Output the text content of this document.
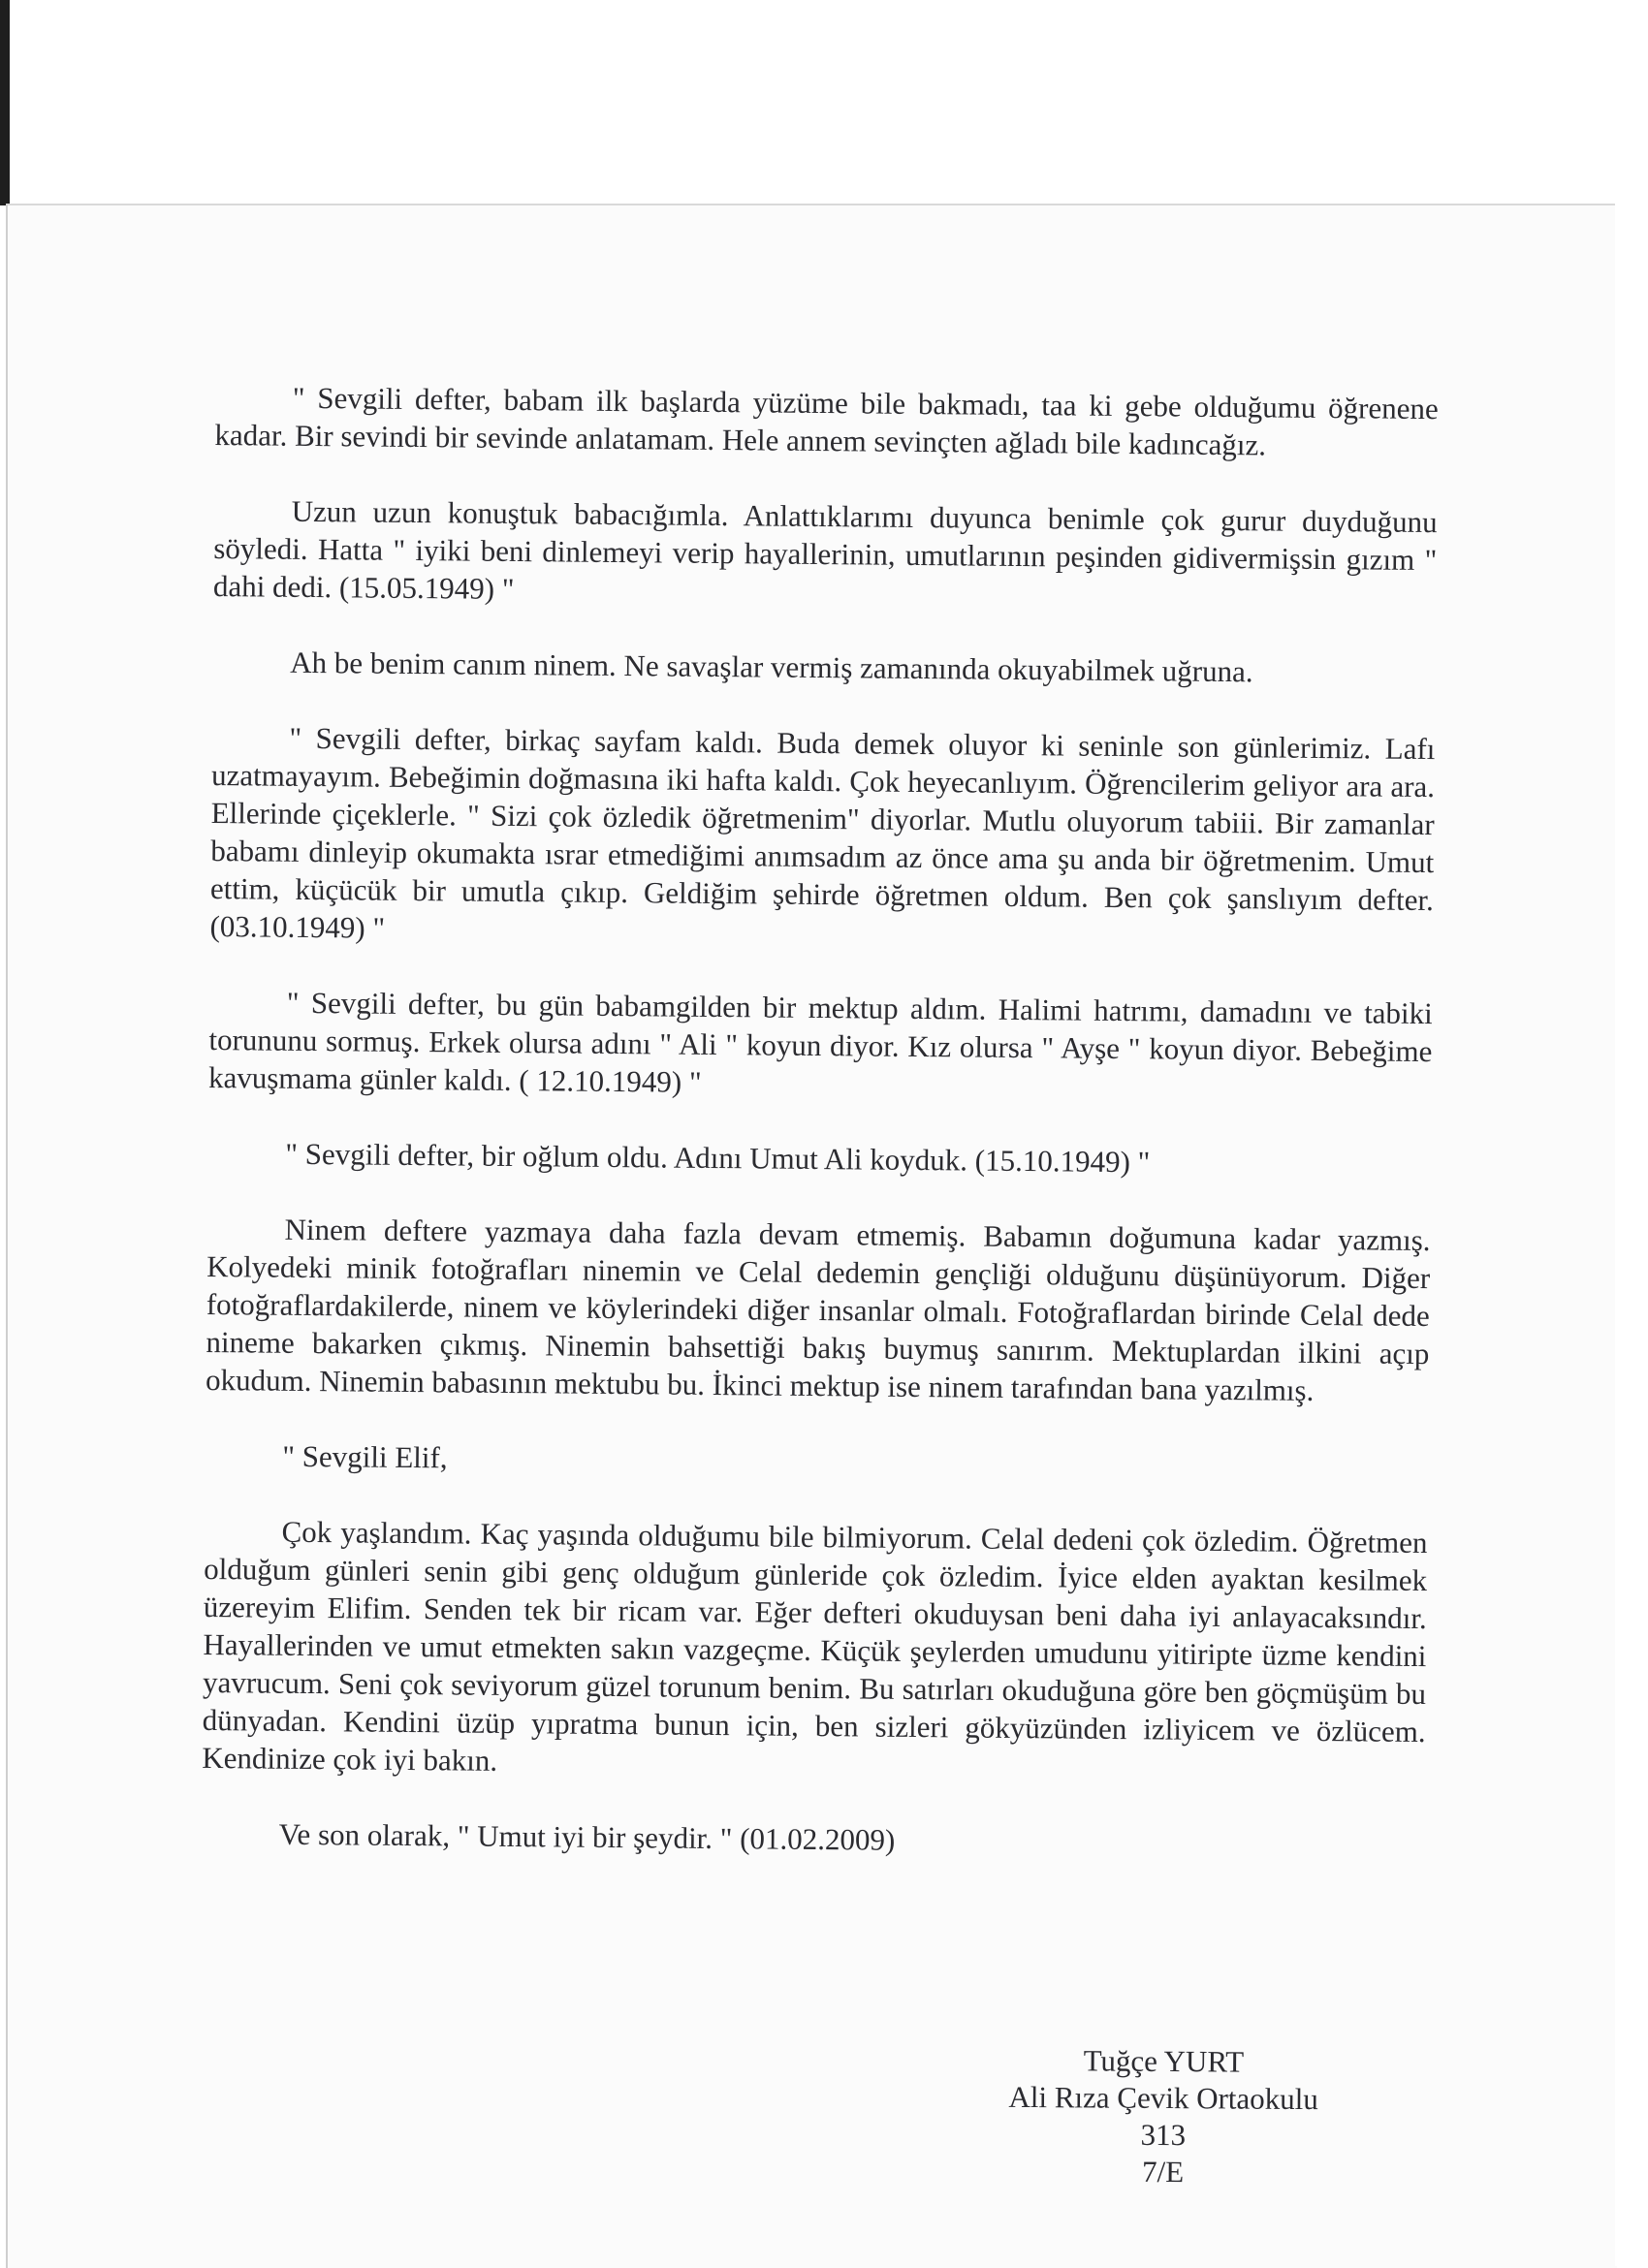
" Sevgili defter, babam ilk başlarda yüzüme bile bakmadı, taa ki gebe olduğumu öğrenene kadar. Bir sevindi bir sevinde anlatamam. Hele annem sevinçten ağladı bile kadıncağız.

Uzun uzun konuştuk babacığımla. Anlattıklarımı duyunca benimle çok gurur duyduğunu söyledi. Hatta " iyiki beni dinlemeyi verip hayallerinin, umutlarının peşinden gidivermişsin gızım " dahi dedi. (15.05.1949) "

Ah be benim canım ninem. Ne savaşlar vermiş zamanında okuyabilmek uğruna.

" Sevgili defter, birkaç sayfam kaldı. Buda demek oluyor ki seninle son günlerimiz. Lafı uzatmayayım. Bebeğimin doğmasına iki hafta kaldı. Çok heyecanlıyım. Öğrencilerim geliyor ara ara. Ellerinde çiçeklerle. " Sizi çok özledik öğretmenim" diyorlar. Mutlu oluyorum tabiii. Bir zamanlar babamı dinleyip okumakta ısrar etmediğimi anımsadım az önce ama şu anda bir öğretmenim. Umut ettim, küçücük bir umutla çıkıp. Geldiğim şehirde öğretmen oldum. Ben çok şanslıyım defter. (03.10.1949) "

" Sevgili defter, bu gün babamgilden bir mektup aldım. Halimi hatrımı, damadını ve tabiki torununu sormuş. Erkek olursa adını " Ali " koyun diyor. Kız olursa " Ayşe " koyun diyor. Bebeğime kavuşmama günler kaldı. ( 12.10.1949) "

" Sevgili defter, bir oğlum oldu. Adını Umut Ali koyduk. (15.10.1949) "

Ninem deftere yazmaya daha fazla devam etmemiş. Babamın doğumuna kadar yazmış. Kolyedeki minik fotoğrafları ninemin ve Celal dedemin gençliği olduğunu düşünüyorum. Diğer fotoğraflardakilerde, ninem ve köylerindeki diğer insanlar olmalı. Fotoğraflardan birinde Celal dede nineme bakarken çıkmış. Ninemin bahsettiği bakış buymuş sanırım. Mektuplardan ilkini açıp okudum. Ninemin babasının mektubu bu. İkinci mektup ise ninem tarafından bana yazılmış.

" Sevgili Elif,

Çok yaşlandım. Kaç yaşında olduğumu bile bilmiyorum. Celal dedeni çok özledim. Öğretmen olduğum günleri senin gibi genç olduğum günleride çok özledim. İyice elden ayaktan kesilmek üzereyim Elifim. Senden tek bir ricam var. Eğer defteri okuduysan beni daha iyi anlayacaksındır. Hayallerinden ve umut etmekten sakın vazgeçme. Küçük şeylerden umudunu yitiripte üzme kendini yavrucum. Seni çok seviyorum güzel torunum benim. Bu satırları okuduğuna göre ben göçmüşüm bu dünyadan. Kendini üzüp yıpratma bunun için, ben sizleri gökyüzünden izliyicem ve özlücem. Kendinize çok iyi bakın.

Ve son olarak, " Umut iyi bir şeydir. " (01.02.2009)

Tuğçe YURT
Ali Rıza Çevik Ortaokulu
313
7/E
